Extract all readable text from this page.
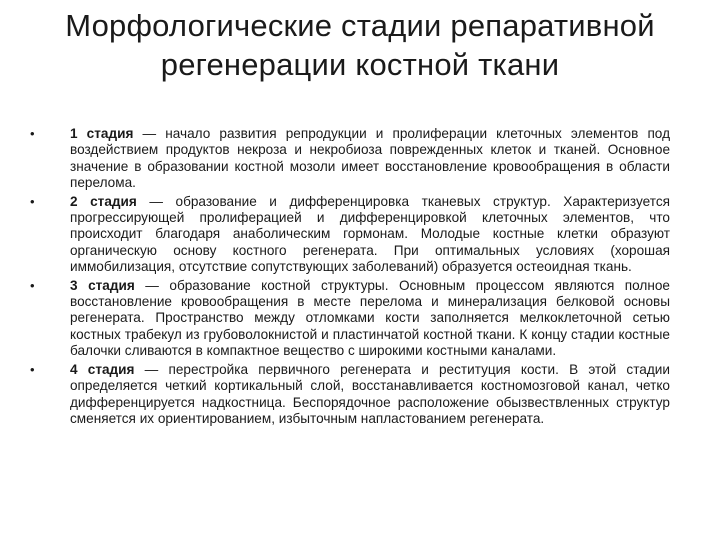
Морфологические стадии репаративной регенерации костной ткани
•	1 стадия — начало развития репродукции и пролиферации клеточных элементов под воздействием продуктов некроза и некробиоза поврежденных клеток и тканей. Основное значение в образовании костной мозоли имеет восстановление кровообращения в области перелома.
•	2 стадия — образование и дифференцировка тканевых структур. Характеризуется прогрессирующей пролиферацией и дифференцировкой клеточных элементов, что происходит благодаря анаболическим гормонам. Молодые костные клетки образуют органическую основу костного регенерата. При оптимальных условиях (хорошая иммобилизация, отсутствие сопутствующих заболеваний) образуется остеоидная ткань.
•	3 стадия — образование костной структуры. Основным процессом являются полное восстановление кровообращения в месте перелома и минерализация белковой основы регенерата. Пространство между отломками кости заполняется мелкоклеточной сетью костных трабекул из грубоволокнистой и пластинчатой костной ткани. К концу стадии костные балочки сливаются в компактное вещество с широкими костными каналами.
•	4 стадия — перестройка первичного регенерата и реституция кости. В этой стадии определяется четкий кортикальный слой, восстанавливается костномозговой канал, четко дифференцируется надкостница. Беспорядочное расположение обызвествленных структур сменяется их ориентированием, избыточным напластованием регенерата.
